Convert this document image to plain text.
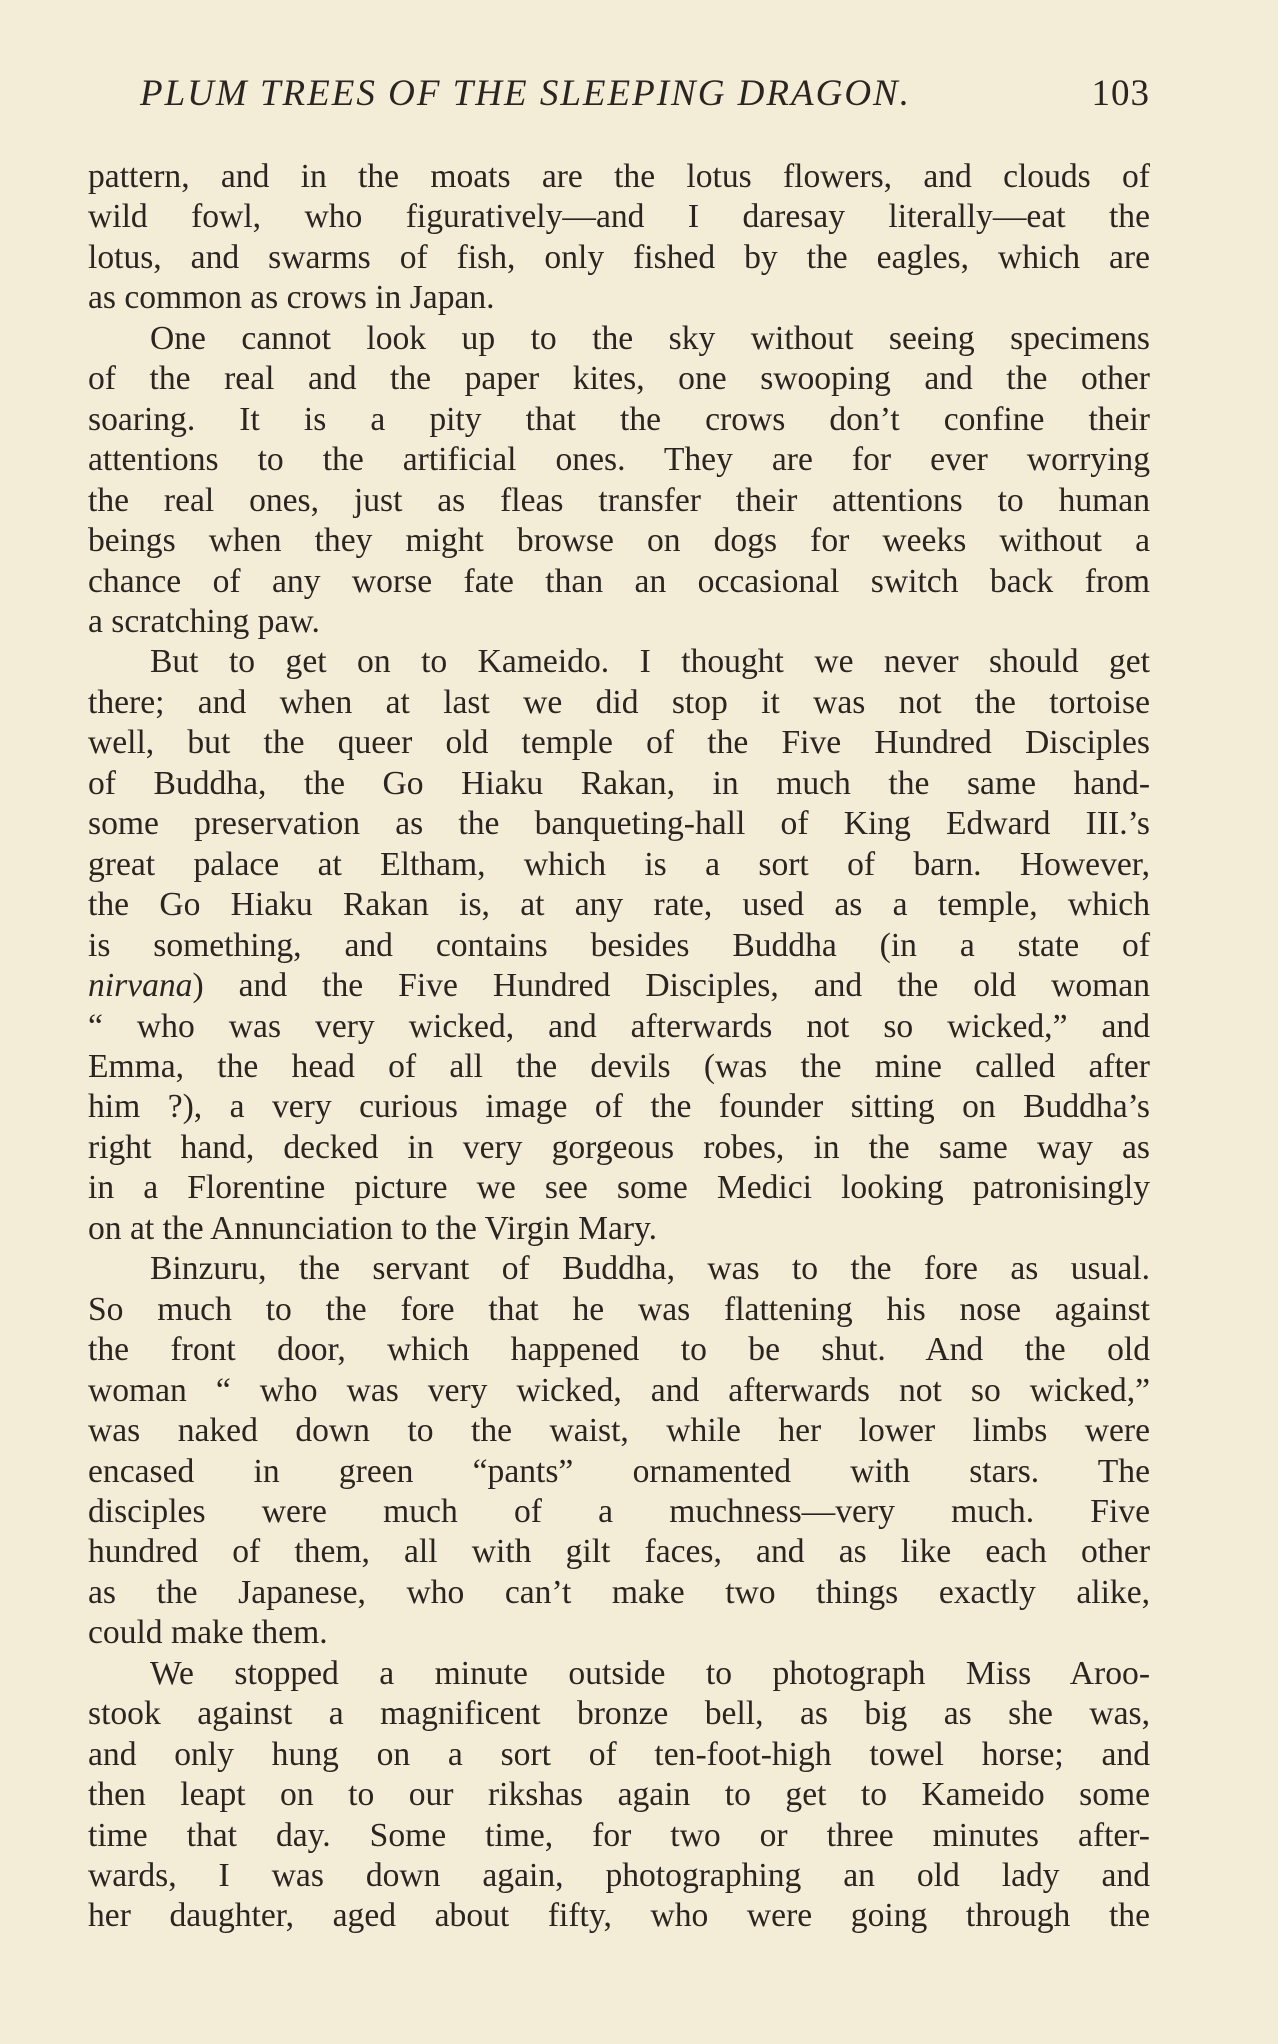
PLUM TREES OF THE SLEEPING DRAGON.	103

pattern, and in the moats are the lotus flowers, and clouds of
wild fowl, who figuratively—and I daresay literally—eat the
lotus, and swarms of fish, only fished by the eagles, which are
as common as crows in Japan.

One cannot look up to the sky without seeing specimens
of the real and the paper kites, one swooping and the other
soaring. It is a pity that the crows don’t confine their
attentions to the artificial ones. They are for ever worrying
the real ones, just as fleas transfer their attentions to human
beings when they might browse on dogs for weeks without a
chance of any worse fate than an occasional switch back from
a scratching paw.

But to get on to Kameido. I thought we never should get
there; and when at last we did stop it was not the tortoise
well, but the queer old temple of the Five Hundred Disciples
of Buddha, the Go Hiaku Rakan, in much the same hand-
some preservation as the banqueting-hall of King Edward III.’s
great palace at Eltham, which is a sort of barn. However,
the Go Hiaku Rakan is, at any rate, used as a temple, which
is something, and contains besides Buddha (in a state of
nirvana) and the Five Hundred Disciples, and the old woman
“ who was very wicked, and afterwards not so wicked,” and
Emma, the head of all the devils (was the mine called after
him ?), a very curious image of the founder sitting on Buddha’s
right hand, decked in very gorgeous robes, in the same way as
in a Florentine picture we see some Medici looking patronisingly
on at the Annunciation to the Virgin Mary.

Binzuru, the servant of Buddha, was to the fore as usual.
So much to the fore that he was flattening his nose against
the front door, which happened to be shut. And the old
woman “ who was very wicked, and afterwards not so wicked,”
was naked down to the waist, while her lower limbs were
encased in green “pants” ornamented with stars. The
disciples were much of a muchness—very much. Five
hundred of them, all with gilt faces, and as like each other
as the Japanese, who can’t make two things exactly alike,
could make them.

We stopped a minute outside to photograph Miss Aroo-
stook against a magnificent bronze bell, as big as she was,
and only hung on a sort of ten-foot-high towel horse; and
then leapt on to our rikshas again to get to Kameido some
time that day. Some time, for two or three minutes after-
wards, I was down again, photographing an old lady and
her daughter, aged about fifty, who were going through the
